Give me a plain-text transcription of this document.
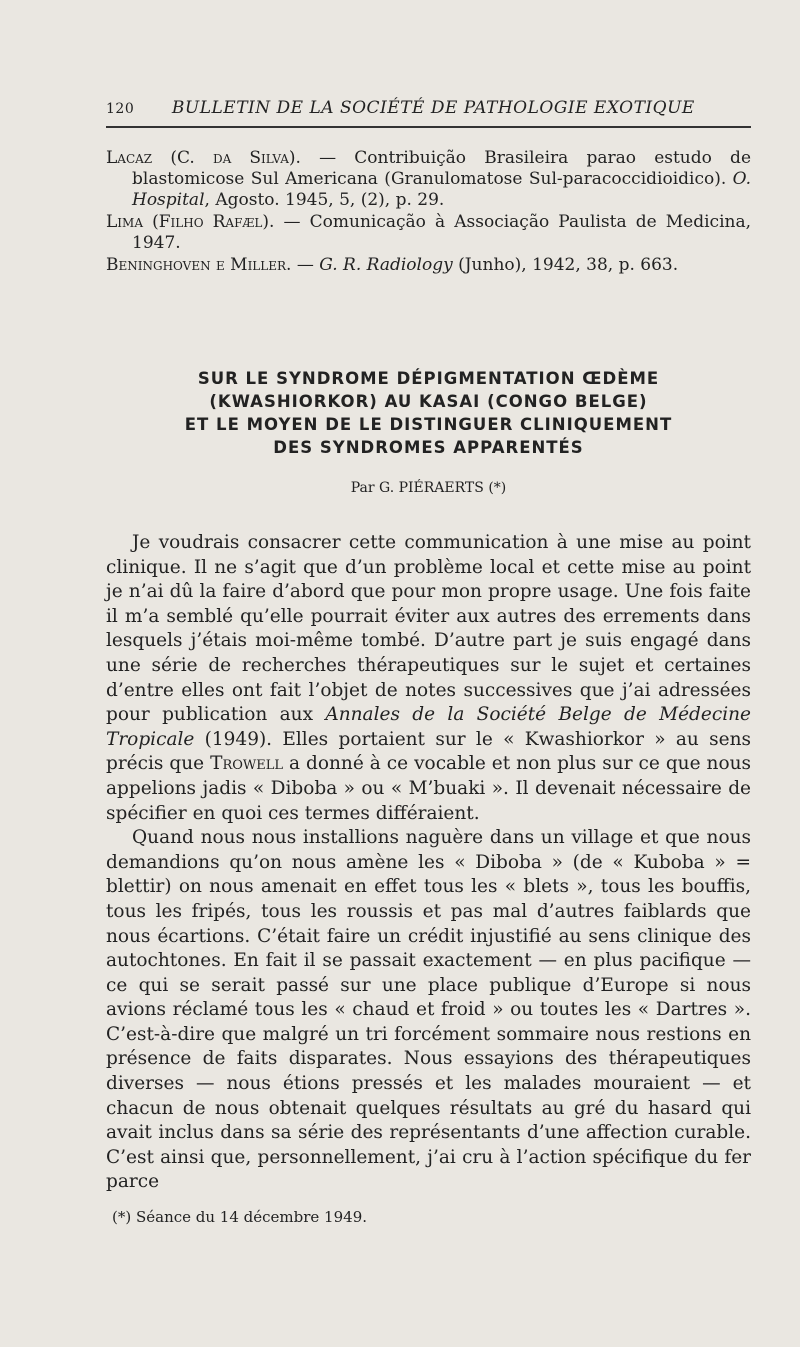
120 BULLETIN DE LA SOCIÉTÉ DE PATHOLOGIE EXOTIQUE
Lacaz (C. da Silva). — Contribuição Brasileira parao estudo de blastomicose Sul Americana (Granulomatose Sul-paracoccidioidico). O. Hospital, Agosto. 1945, 5, (2), p. 29.
Lima (Filho Rafæl). — Comunicação à Associação Paulista de Medicina, 1947.
Beninghoven e Miller. — G. R. Radiology (Junho), 1942, 38, p. 663.
SUR LE SYNDROME DÉPIGMENTATION ŒDÈME
(KWASHIORKOR) AU KASAI (CONGO BELGE)
ET LE MOYEN DE LE DISTINGUER CLINIQUEMENT
DES SYNDROMES APPARENTÉS
Par G. PIÉRAERTS (*)

Je voudrais consacrer cette communication à une mise au point clinique. Il ne s’agit que d’un problème local et cette mise au point je n’ai dû la faire d’abord que pour mon propre usage. Une fois faite il m’a semblé qu’elle pourrait éviter aux autres des errements dans lesquels j’étais moi-même tombé. D’autre part je suis engagé dans une série de recherches thérapeutiques sur le sujet et certaines d’entre elles ont fait l’objet de notes successives que j’ai adressées pour publication aux Annales de la Société Belge de Médecine Tropicale (1949). Elles portaient sur le « Kwashiorkor » au sens précis que Trowell a donné à ce vocable et non plus sur ce que nous appelions jadis « Diboba » ou « M’buaki ». Il devenait nécessaire de spécifier en quoi ces termes différaient.

Quand nous nous installions naguère dans un village et que nous demandions qu’on nous amène les « Diboba » (de « Kuboba » = blettir) on nous amenait en effet tous les « blets », tous les bouffis, tous les fripés, tous les roussis et pas mal d’autres faiblards que nous écartions. C’était faire un crédit injustifié au sens clinique des autochtones. En fait il se passait exactement — en plus pacifique — ce qui se serait passé sur une place publique d’Europe si nous avions réclamé tous les « chaud et froid » ou toutes les « Dartres ». C’est-à-dire que malgré un tri forcément sommaire nous restions en présence de faits disparates. Nous essayions des thérapeutiques diverses — nous étions pressés et les malades mouraient — et chacun de nous obtenait quelques résultats au gré du hasard qui avait inclus dans sa série des représentants d’une affection curable. C’est ainsi que, personnellement, j’ai cru à l’action spécifique du fer parce

(*) Séance du 14 décembre 1949.
